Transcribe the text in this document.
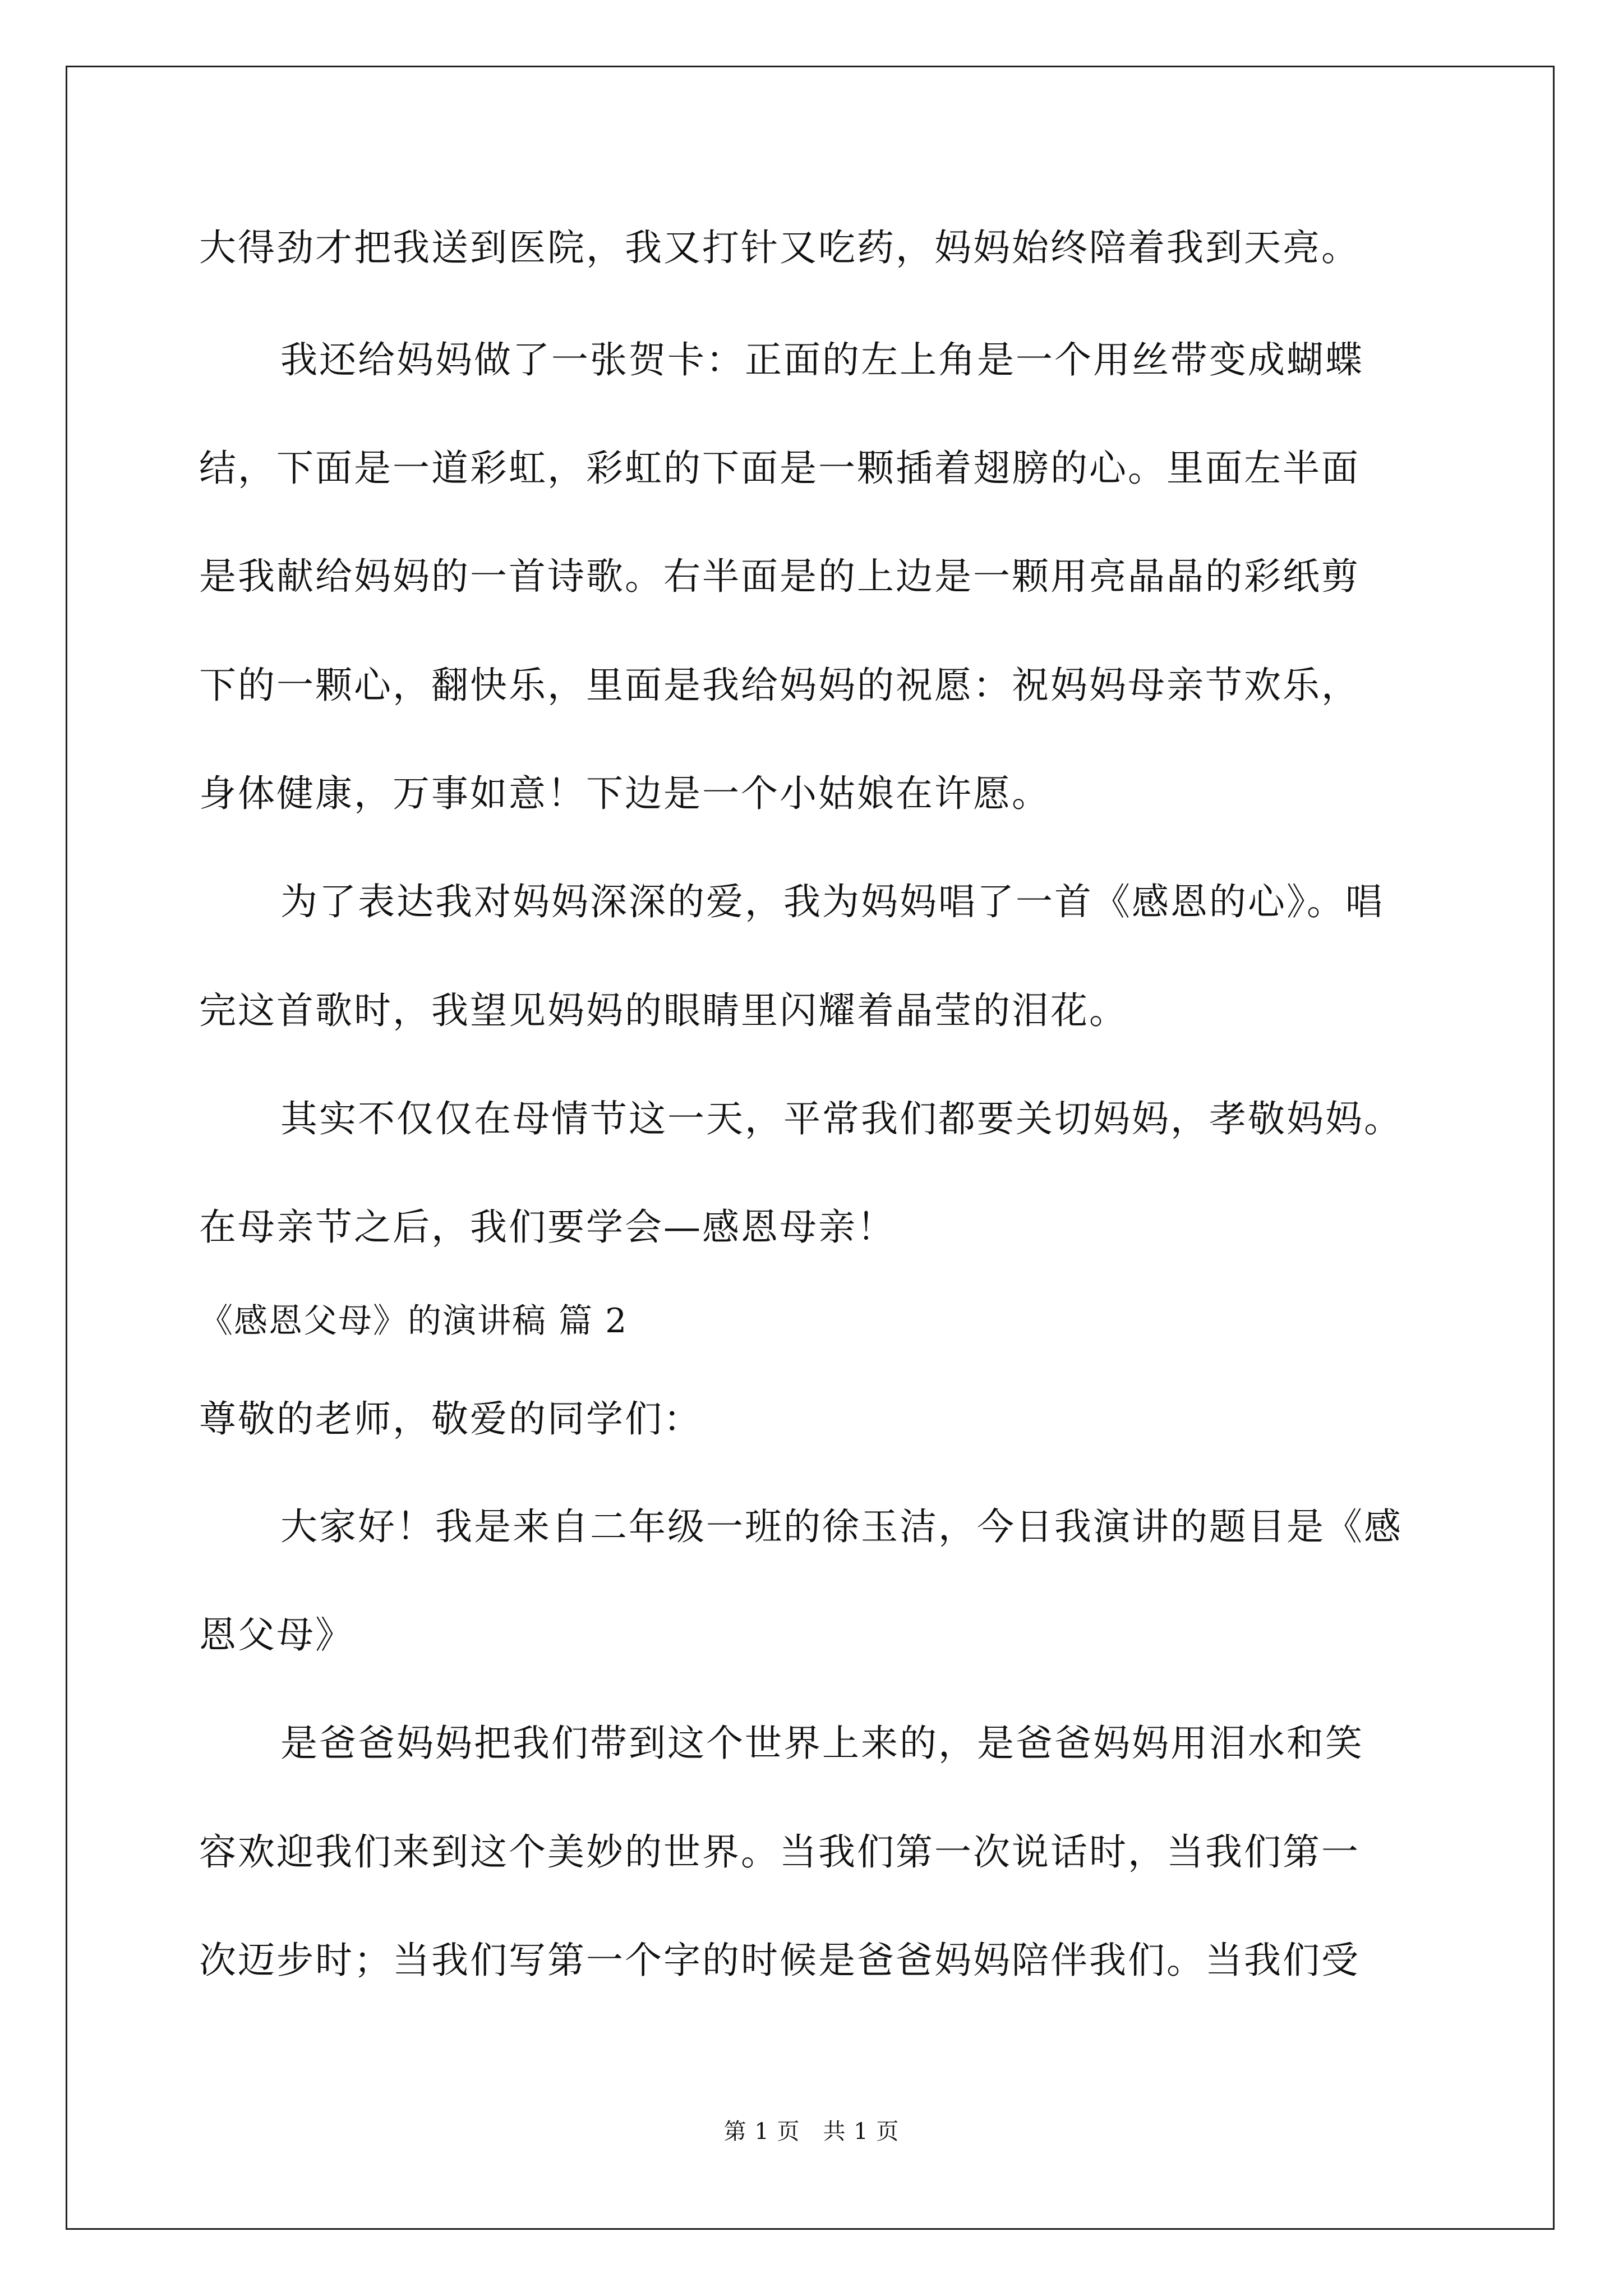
大得劲才把我送到医院，我又打针又吃药，妈妈始终陪着我到天亮。
我还给妈妈做了一张贺卡：正面的左上角是一个用丝带变成蝴蝶
结，下面是一道彩虹，彩虹的下面是一颗插着翅膀的心。里面左半面
是我献给妈妈的一首诗歌。右半面是的上边是一颗用亮晶晶的彩纸剪
下的一颗心，翻快乐，里面是我给妈妈的祝愿：祝妈妈母亲节欢乐，
身体健康，万事如意！下边是一个小姑娘在许愿。
为了表达我对妈妈深深的爱，我为妈妈唱了一首《感恩的心》。唱
完这首歌时，我望见妈妈的眼睛里闪耀着晶莹的泪花。
其实不仅仅在母情节这一天，平常我们都要关切妈妈，孝敬妈妈。
在母亲节之后，我们要学会—感恩母亲！
《感恩父母》的演讲稿 篇 2
尊敬的老师，敬爱的同学们：
大家好！我是来自二年级一班的徐玉洁，今日我演讲的题目是《感
恩父母》
是爸爸妈妈把我们带到这个世界上来的，是爸爸妈妈用泪水和笑
容欢迎我们来到这个美妙的世界。当我们第一次说话时，当我们第一
次迈步时；当我们写第一个字的时候是爸爸妈妈陪伴我们。当我们受
第 1 页　共 1 页
